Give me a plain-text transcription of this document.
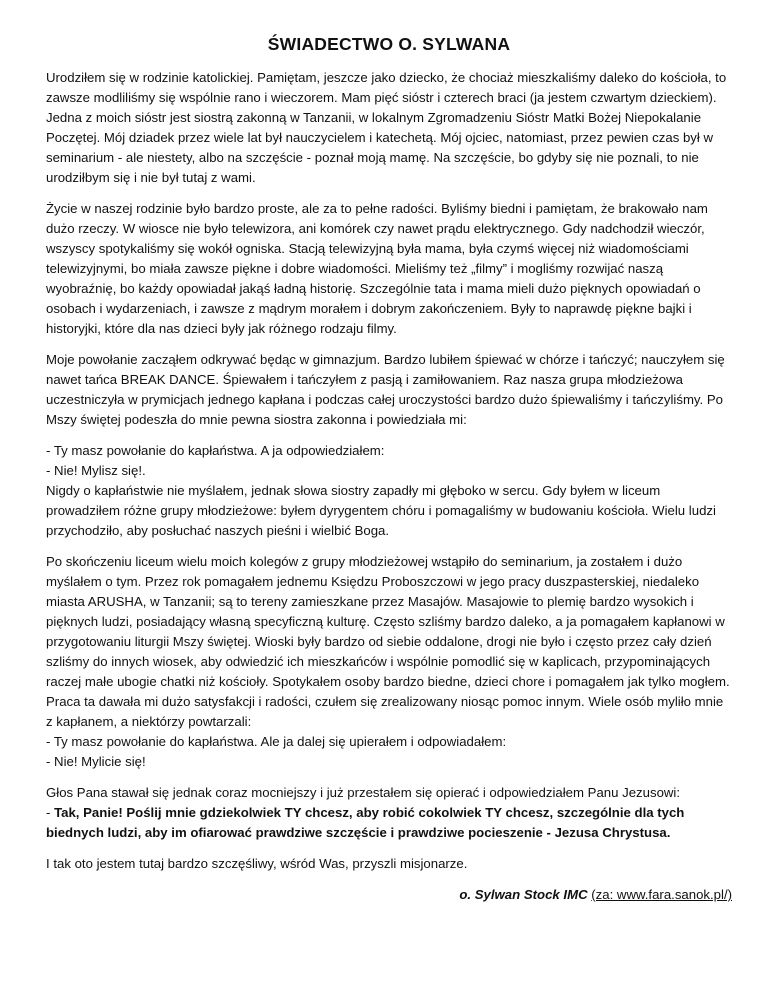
ŚWIADECTWO O. SYLWANA

Urodziłem się w rodzinie katolickiej. Pamiętam, jeszcze jako dziecko, że chociaż mieszkaliśmy daleko do kościoła, to zawsze modliliśmy się wspólnie rano i wieczorem. Mam pięć sióstr i czterech braci (ja jestem czwartym dzieckiem). Jedna z moich sióstr jest siostrą zakonną w Tanzanii, w lokalnym Zgromadzeniu Sióstr Matki Bożej Niepokalanie Poczętej. Mój dziadek przez wiele lat był nauczycielem i katechetą. Mój ojciec, natomiast, przez pewien czas był w seminarium - ale niestety, albo na szczęście - poznał moją mamę. Na szczęście, bo gdyby się nie poznali, to nie urodziłbym się i nie był tutaj z wami.

Życie w naszej rodzinie było bardzo proste, ale za to pełne radości. Byliśmy biedni i pamiętam, że brakowało nam dużo rzeczy. W wiosce nie było telewizora, ani komórek czy nawet prądu elektrycznego. Gdy nadchodził wieczór, wszyscy spotykaliśmy się wokół ogniska. Stacją telewizyjną była mama, była czymś więcej niż wiadomościami telewizyjnymi, bo miała zawsze piękne i dobre wiadomości. Mieliśmy też „filmy” i mogliśmy rozwijać naszą wyobraźnię, bo każdy opowiadał jakąś ładną historię. Szczególnie tata i mama mieli dużo pięknych opowiadań o osobach i wydarzeniach, i zawsze z mądrym morałem i dobrym zakończeniem. Były to naprawdę piękne bajki i historyjki, które dla nas dzieci były jak różnego rodzaju filmy.

Moje powołanie zacząłem odkrywać będąc w gimnazjum. Bardzo lubiłem śpiewać w chórze i tańczyć; nauczyłem się nawet tańca BREAK DANCE. Śpiewałem i tańczyłem z pasją i zamiłowaniem. Raz nasza grupa młodzieżowa uczestniczyła w prymicjach jednego kapłana i podczas całej uroczystości bardzo dużo śpiewaliśmy i tańczyliśmy. Po Mszy świętej podeszła do mnie pewna siostra zakonna i powiedziała mi:

- Ty masz powołanie do kapłaństwa. A ja odpowiedziałem:
- Nie! Mylisz się!.
Nigdy o kapłaństwie nie myślałem, jednak słowa siostry zapadły mi głęboko w sercu. Gdy byłem w liceum prowadziłem różne grupy młodzieżowe: byłem dyrygentem chóru i pomagaliśmy w budowaniu kościoła. Wielu ludzi przychodziło, aby posłuchać naszych pieśni i wielbić Boga.

Po skończeniu liceum wielu moich kolegów z grupy młodzieżowej wstąpiło do seminarium, ja zostałem i dużo myślałem o tym. Przez rok pomagałem jednemu Księdzu Proboszczowi w jego pracy duszpasterskiej, niedaleko miasta ARUSHA, w Tanzanii; są to tereny zamieszkane przez Masajów. Masajowie to plemię bardzo wysokich i pięknych ludzi, posiadający własną specyficzną kulturę. Często szliśmy bardzo daleko, a ja pomagałem kapłanowi w przygotowaniu liturgii Mszy świętej. Wioski były bardzo od siebie oddalone, drogi nie było i często przez cały dzień szliśmy do innych wiosek, aby odwiedzić ich mieszkańców i wspólnie pomodlić się w kaplicach, przypominających raczej małe ubogie chatki niż kościoły. Spotykałem osoby bardzo biedne, dzieci chore i pomagałem jak tylko mogłem. Praca ta dawała mi dużo satysfakcji i radości, czułem się zrealizowany niosąc pomoc innym. Wiele osób myliło mnie z kapłanem, a niektórzy powtarzali:
- Ty masz powołanie do kapłaństwa. Ale ja dalej się upierałem i odpowiadałem:
- Nie! Mylicie się!

Głos Pana stawał się jednak coraz mocniejszy i już przestałem się opierać i odpowiedziałem Panu Jezusowi:
- Tak, Panie! Poślij mnie gdziekolwiek TY chcesz, aby robić cokolwiek TY chcesz, szczególnie dla tych biednych ludzi, aby im ofiarować prawdziwe szczęście i prawdziwe pocieszenie - Jezusa Chrystusa.

I tak oto jestem tutaj bardzo szczęśliwy, wśród Was, przyszli misjonarze.

o. Sylwan Stock IMC (za: www.fara.sanok.pl/)
